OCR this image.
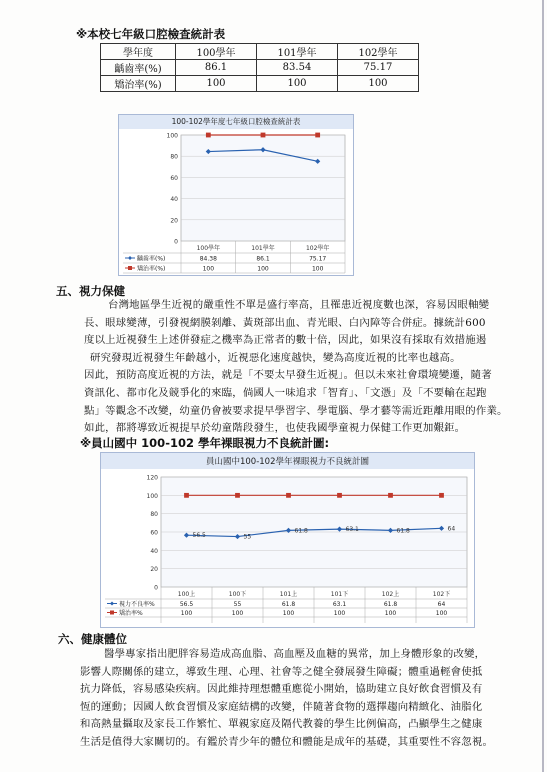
※本校七年級口腔檢查統計表
學年度	100學年	101學年	102學年
齲齒率(%)	86.1	83.54	75.17
矯治率(%)	100	100	100
100-102學年度七年級口腔檢查統計表
100
80
60
40
20
0
100學年	101學年	102學年
齲齒率(%)	84.38	86.1	75.17
矯治率(%)	100	100	100
五、視力保健
台灣地區學生近視的嚴重性不單是盛行率高，且罹患近視度數也深，容易因眼軸變
長、眼球變薄，引發視網膜剝離、黃斑部出血、青光眼、白內障等合併症。據統計600
度以上近視發生上述併發症之機率為正常者的數十倍，因此，如果沒有採取有效措施遏
研究發現近視發生年齡越小，近視惡化速度越快，變為高度近視的比率也越高。
因此，預防高度近視的方法，就是「不要太早發生近視」。但以未來社會環境變遷，隨著
資訊化、都市化及競爭化的來臨，倘國人一味追求「智育」、「文憑」及「不要輸在起跑
點」等觀念不改變，幼童仍會被要求提早學習字、學電腦、學才藝等需近距離用眼的作業。
如此，都將導致近視提早於幼童階段發生，也使我國學童視力保健工作更加艱鉅。
※員山國中 100-102 學年裸眼視力不良統計圖:
員山國中100-102學年裸眼視力不良統計圖
120
100
80
60
40
20
0
100上	100下	101上	101下	102上	102下
56.5	55
61.8	63.1	61.8	64
視力不良率%	56.5	55	61.8	63.1	61.8	64
矯治率%	100	100	100	100	100	100
六、健康體位
醫學專家指出肥胖容易造成高血脂、高血壓及血糖的異常，加上身體形象的改變，
影響人際關係的建立，導致生理、心理、社會等之健全發展發生障礙；體重過輕會使抵
抗力降低，容易感染疾病。因此維持理想體重應從小開始，協助建立良好飲食習慣及有
恆的運動；因國人飲食習慣及家庭結構的改變，伴隨著食物的選擇趨向精緻化、油脂化
和高熱量攝取及家長工作繁忙、單親家庭及隔代教養的學生比例偏高，凸顯學生之健康
生活是值得大家關切的。有鑑於青少年的體位和體能是成年的基礎，其重要性不容忽視。
